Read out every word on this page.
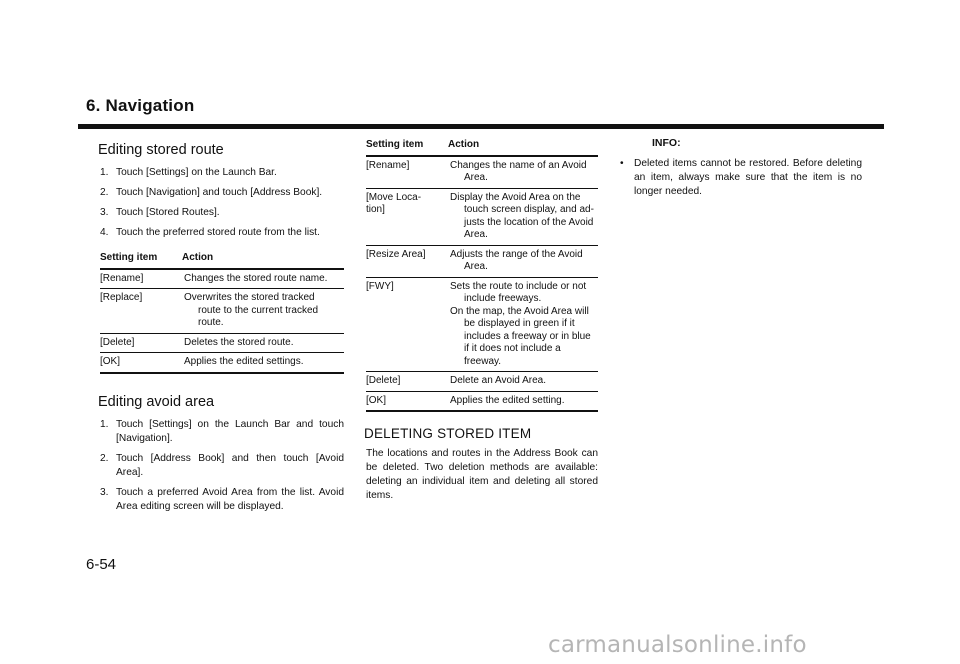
6. Navigation
Editing stored route
1. Touch [Settings] on the Launch Bar.
2. Touch [Navigation] and touch [Address Book].
3. Touch [Stored Routes].
4. Touch the preferred stored route from the list.
Setting item	Action

[Rename]	Changes the stored route name.

[Replace]	Overwrites the stored tracked route to the current tracked route.

[Delete]	Deletes the stored route.

[OK]	Applies the edited settings.
Editing avoid area
1. Touch [Settings] on the Launch Bar and touch [Navigation].
2. Touch [Address Book] and then touch [Avoid Area].
3. Touch a preferred Avoid Area from the list. Avoid Area editing screen will be displayed.
Setting item	Action

[Rename]	Changes the name of an Avoid Area.

[Move Loca-
tion]	Display the Avoid Area on the touch screen display, and ad-justs the location of the Avoid Area.

[Resize Area]	Adjusts the range of the Avoid Area.

[FWY]	Sets the route to include or not include freeways.
On the map, the Avoid Area will be displayed in green if it includes a freeway or in blue if it does not include a freeway.

[Delete]	Delete an Avoid Area.

[OK]	Applies the edited setting.
DELETING STORED ITEM

The locations and routes in the Address Book can be deleted. Two deletion methods are available: deleting an individual item and deleting all stored items.

INFO:
• Deleted items cannot be restored. Before deleting an item, always make sure that the item is no longer needed.
6-54
carmanualsonline.info
